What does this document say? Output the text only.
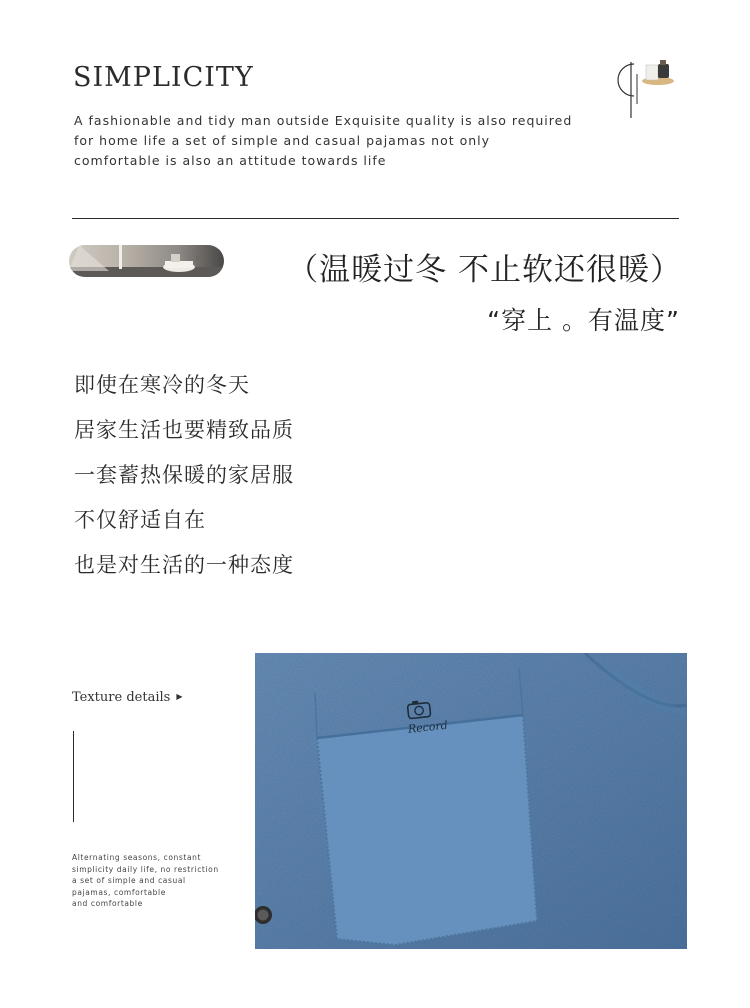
SIMPLICITY
A fashionable and tidy man outside Exquisite quality is also required
for home life a set of simple and casual pajamas not only
comfortable is also an attitude towards life
（温暖过冬 不止软还很暖）
“穿上 。有温度”
即使在寒冷的冬天
居家生活也要精致品质
一套蓄热保暖的家居服
不仅舒适自在
也是对生活的一种态度
Texture details ▶
Alternating seasons, constant
simplicity daily life, no restriction
a set of simple and casual
pajamas, comfortable
and comfortable
Record
